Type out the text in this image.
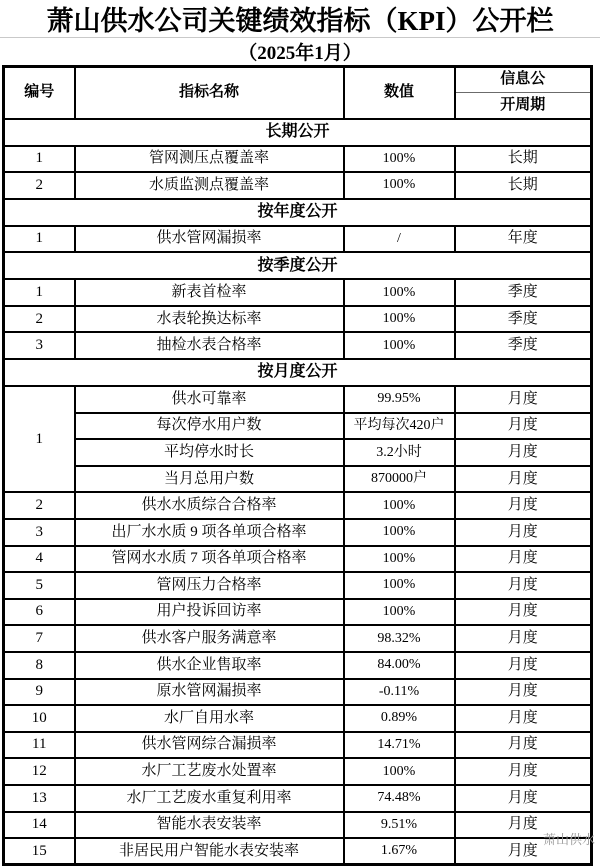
萧山供水公司关键绩效指标（KPI）公开栏
（2025年1月）
编号	指标名称	数值	信息公
开周期

长期公开			
1	管网测压点覆盖率	100%	长期
2	水质监测点覆盖率	100%	长期
按年度公开			
1	供水管网漏损率	/	年度
按季度公开			
1	新表首检率	100%	季度
2	水表轮换达标率	100%	季度
3	抽检水表合格率	100%	季度
按月度公开			
1	供水可靠率	99.95%	月度
	每次停水用户数	平均每次420户	月度
	平均停水时长	3.2小时	月度
	当月总用户数	870000户	月度
2	供水水质综合合格率	100%	月度
3	出厂水水质 9 项各单项合格率	100%	月度
4	管网水水质 7 项各单项合格率	100%	月度
5	管网压力合格率	100%	月度
6	用户投诉回访率	100%	月度
7	供水客户服务满意率	98.32%	月度
8	供水企业售取率	84.00%	月度
9	原水管网漏损率	-0.11%	月度
10	水厂自用水率	0.89%	月度
11	供水管网综合漏损率	14.71%	月度
12	水厂工艺废水处置率	100%	月度
13	水厂工艺废水重复利用率	74.48%	月度
14	智能水表安装率	9.51%	月度
15	非居民用户智能水表安装率	1.67%	月度
萧山供水
